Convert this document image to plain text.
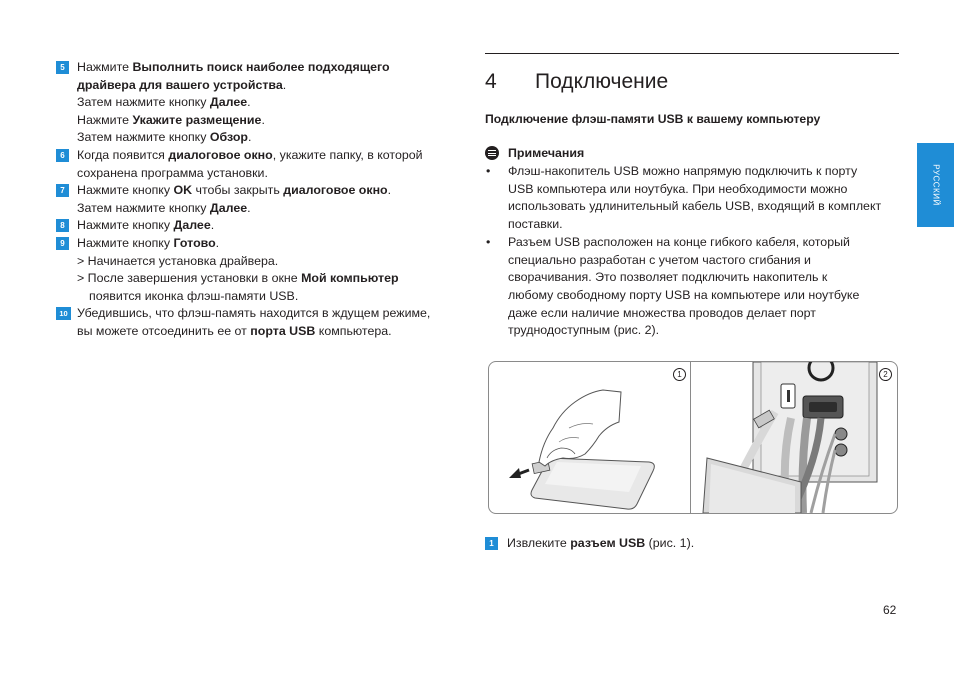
5 Нажмите Выполнить поиск наиболее подходящего
драйвера для вашего устройства.
Затем нажмите кнопку Далее.
Нажмите Укажите размещение.
Затем нажмите кнопку Обзор.
6 Когда появится диалоговое окно, укажите папку, в которой
сохранена программа установки.
7 Нажмите кнопку OK чтобы закрыть диалоговое окно.
Затем нажмите кнопку Далее.
8 Нажмите кнопку Далее.
9 Нажмите кнопку Готово.
> Начинается установка драйвера.
> После завершения установки в окне Мой компьютер
появится иконка флэш-памяти USB.
10 Убедившись, что флэш-память находится в ждущем режиме,
вы можете отсоединить ее от порта USB компьютера.
4 Подключение
Подключение флэш-памяти USB к вашему компьютеру
Примечания
• Флэш-накопитель USB можно напрямую подключить к порту
USB компьютера или ноутбука. При необходимости можно
использовать удлинительный кабель USB, входящий в комплект
поставки.
• Разъем USB расположен на конце гибкого кабеля, который
специально разработан с учетом частого сгибания и
сворачивания. Это позволяет подключить накопитель к
любому свободному порту USB на компьютере или ноутбуке
даже если наличие множества проводов делает порт
труднодоступным (рис. 2).
1	2
1	Извлеките разъем USB (рис. 1).
РУССКИЙ
62
